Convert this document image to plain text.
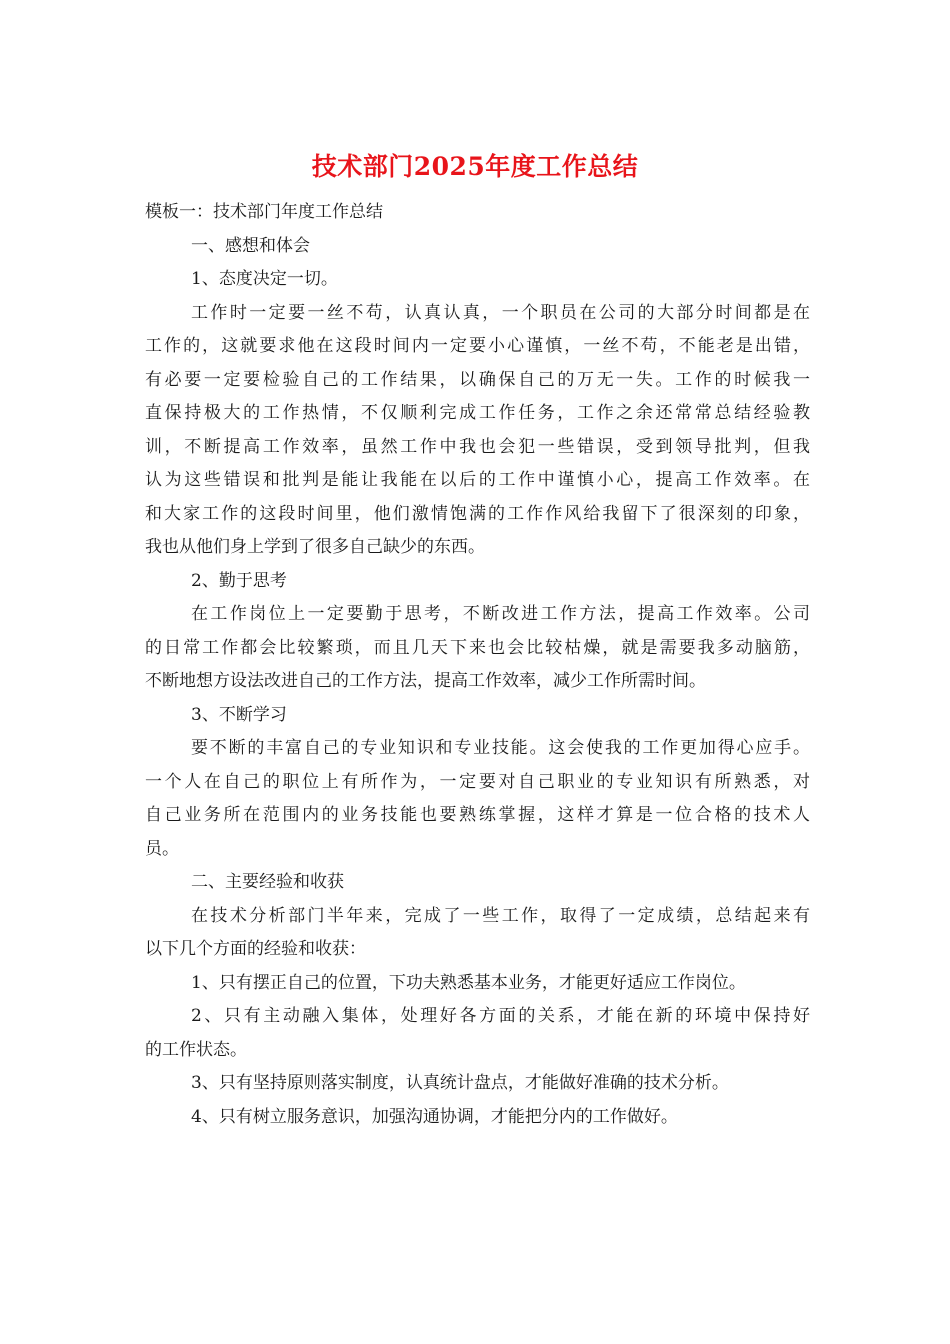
技术部门2025年度工作总结
模板一：技术部门年度工作总结
一、感想和体会
1、态度决定一切。
工作时一定要一丝不苟，认真认真，一个职员在公司的大部分时间都是在
工作的，这就要求他在这段时间内一定要小心谨慎，一丝不苟，不能老是出错，
有必要一定要检验自己的工作结果，以确保自己的万无一失。工作的时候我一
直保持极大的工作热情，不仅顺利完成工作任务，工作之余还常常总结经验教
训，不断提高工作效率，虽然工作中我也会犯一些错误，受到领导批判，但我
认为这些错误和批判是能让我能在以后的工作中谨慎小心，提高工作效率。在
和大家工作的这段时间里，他们激情饱满的工作作风给我留下了很深刻的印象，
我也从他们身上学到了很多自己缺少的东西。
2、勤于思考
在工作岗位上一定要勤于思考，不断改进工作方法，提高工作效率。公司
的日常工作都会比较繁琐，而且几天下来也会比较枯燥，就是需要我多动脑筋，
不断地想方设法改进自己的工作方法，提高工作效率，减少工作所需时间。
3、不断学习
要不断的丰富自己的专业知识和专业技能。这会使我的工作更加得心应手。
一个人在自己的职位上有所作为，一定要对自己职业的专业知识有所熟悉，对
自己业务所在范围内的业务技能也要熟练掌握，这样才算是一位合格的技术人
员。
二、主要经验和收获
在技术分析部门半年来，完成了一些工作，取得了一定成绩，总结起来有
以下几个方面的经验和收获：
1、只有摆正自己的位置，下功夫熟悉基本业务，才能更好适应工作岗位。
2、只有主动融入集体，处理好各方面的关系，才能在新的环境中保持好
的工作状态。
3、只有坚持原则落实制度，认真统计盘点，才能做好准确的技术分析。
4、只有树立服务意识，加强沟通协调，才能把分内的工作做好。
